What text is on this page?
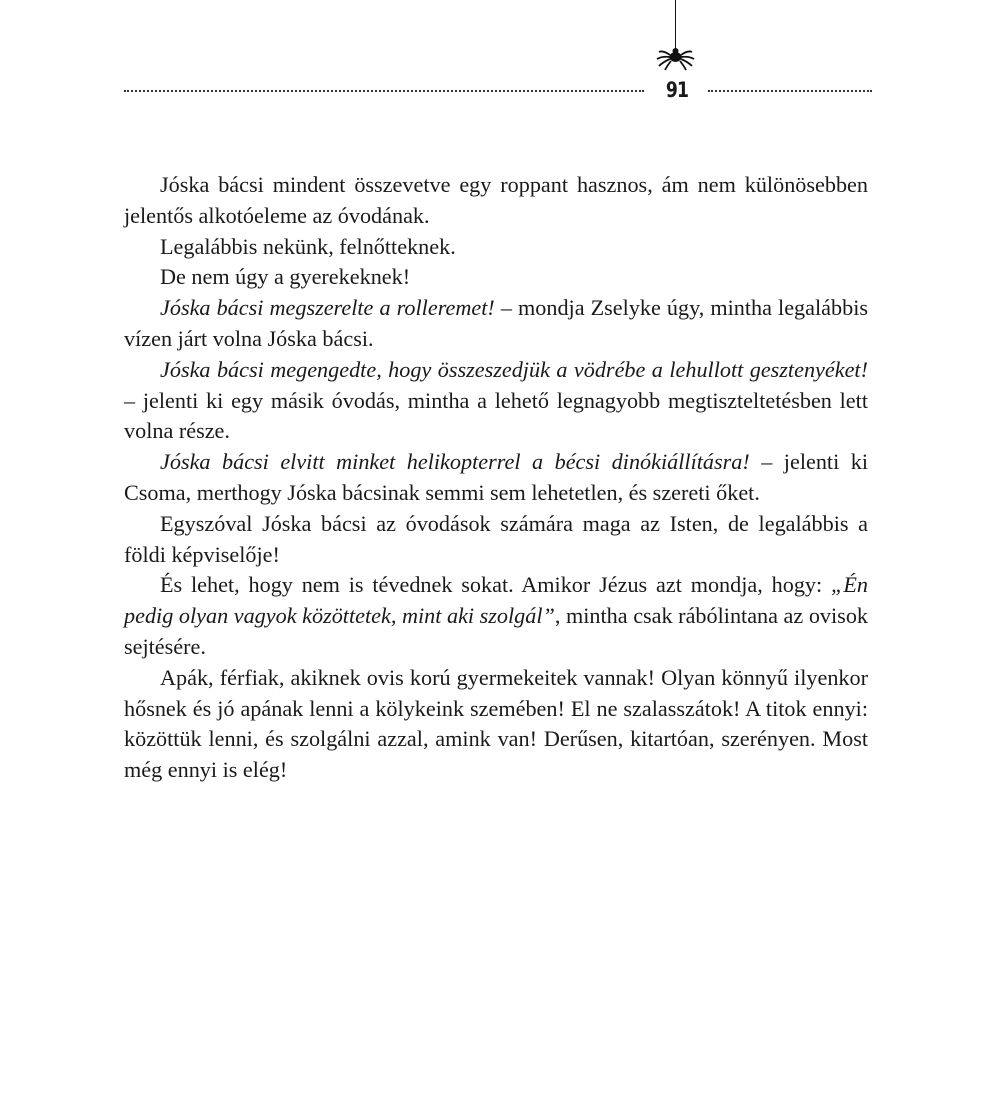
91

Jóska bácsi mindent összevetve egy roppant hasznos, ám nem különösebben jelentős alkotóeleme az óvodának.

Legalábbis nekünk, felnőtteknek.

De nem úgy a gyerekeknek!

Jóska bácsi megszerelte a rolleremet! – mondja Zselyke úgy, mintha legalábbis vízen járt volna Jóska bácsi.

Jóska bácsi megengedte, hogy összeszedjük a vödrébe a lehullott gesztenyéket! – jelenti ki egy másik óvodás, mintha a lehető legnagyobb megtiszteltetésben lett volna része.

Jóska bácsi elvitt minket helikopterrel a bécsi dinókiállításra! – jelenti ki Csoma, merthogy Jóska bácsinak semmi sem lehetetlen, és szereti őket.

Egyszóval Jóska bácsi az óvodások számára maga az Isten, de legalábbis a földi képviselője!

És lehet, hogy nem is tévednek sokat. Amikor Jézus azt mondja, hogy: „Én pedig olyan vagyok közöttetek, mint aki szolgál”, mintha csak rábólintana az ovisok sejtésére.

Apák, férfiak, akiknek ovis korú gyermekeitek vannak! Olyan könnyű ilyenkor hősnek és jó apának lenni a kölykeink szemében! El ne szalasszátok! A titok ennyi: közöttük lenni, és szolgálni azzal, amink van! Derűsen, kitartóan, szerényen. Most még ennyi is elég!
